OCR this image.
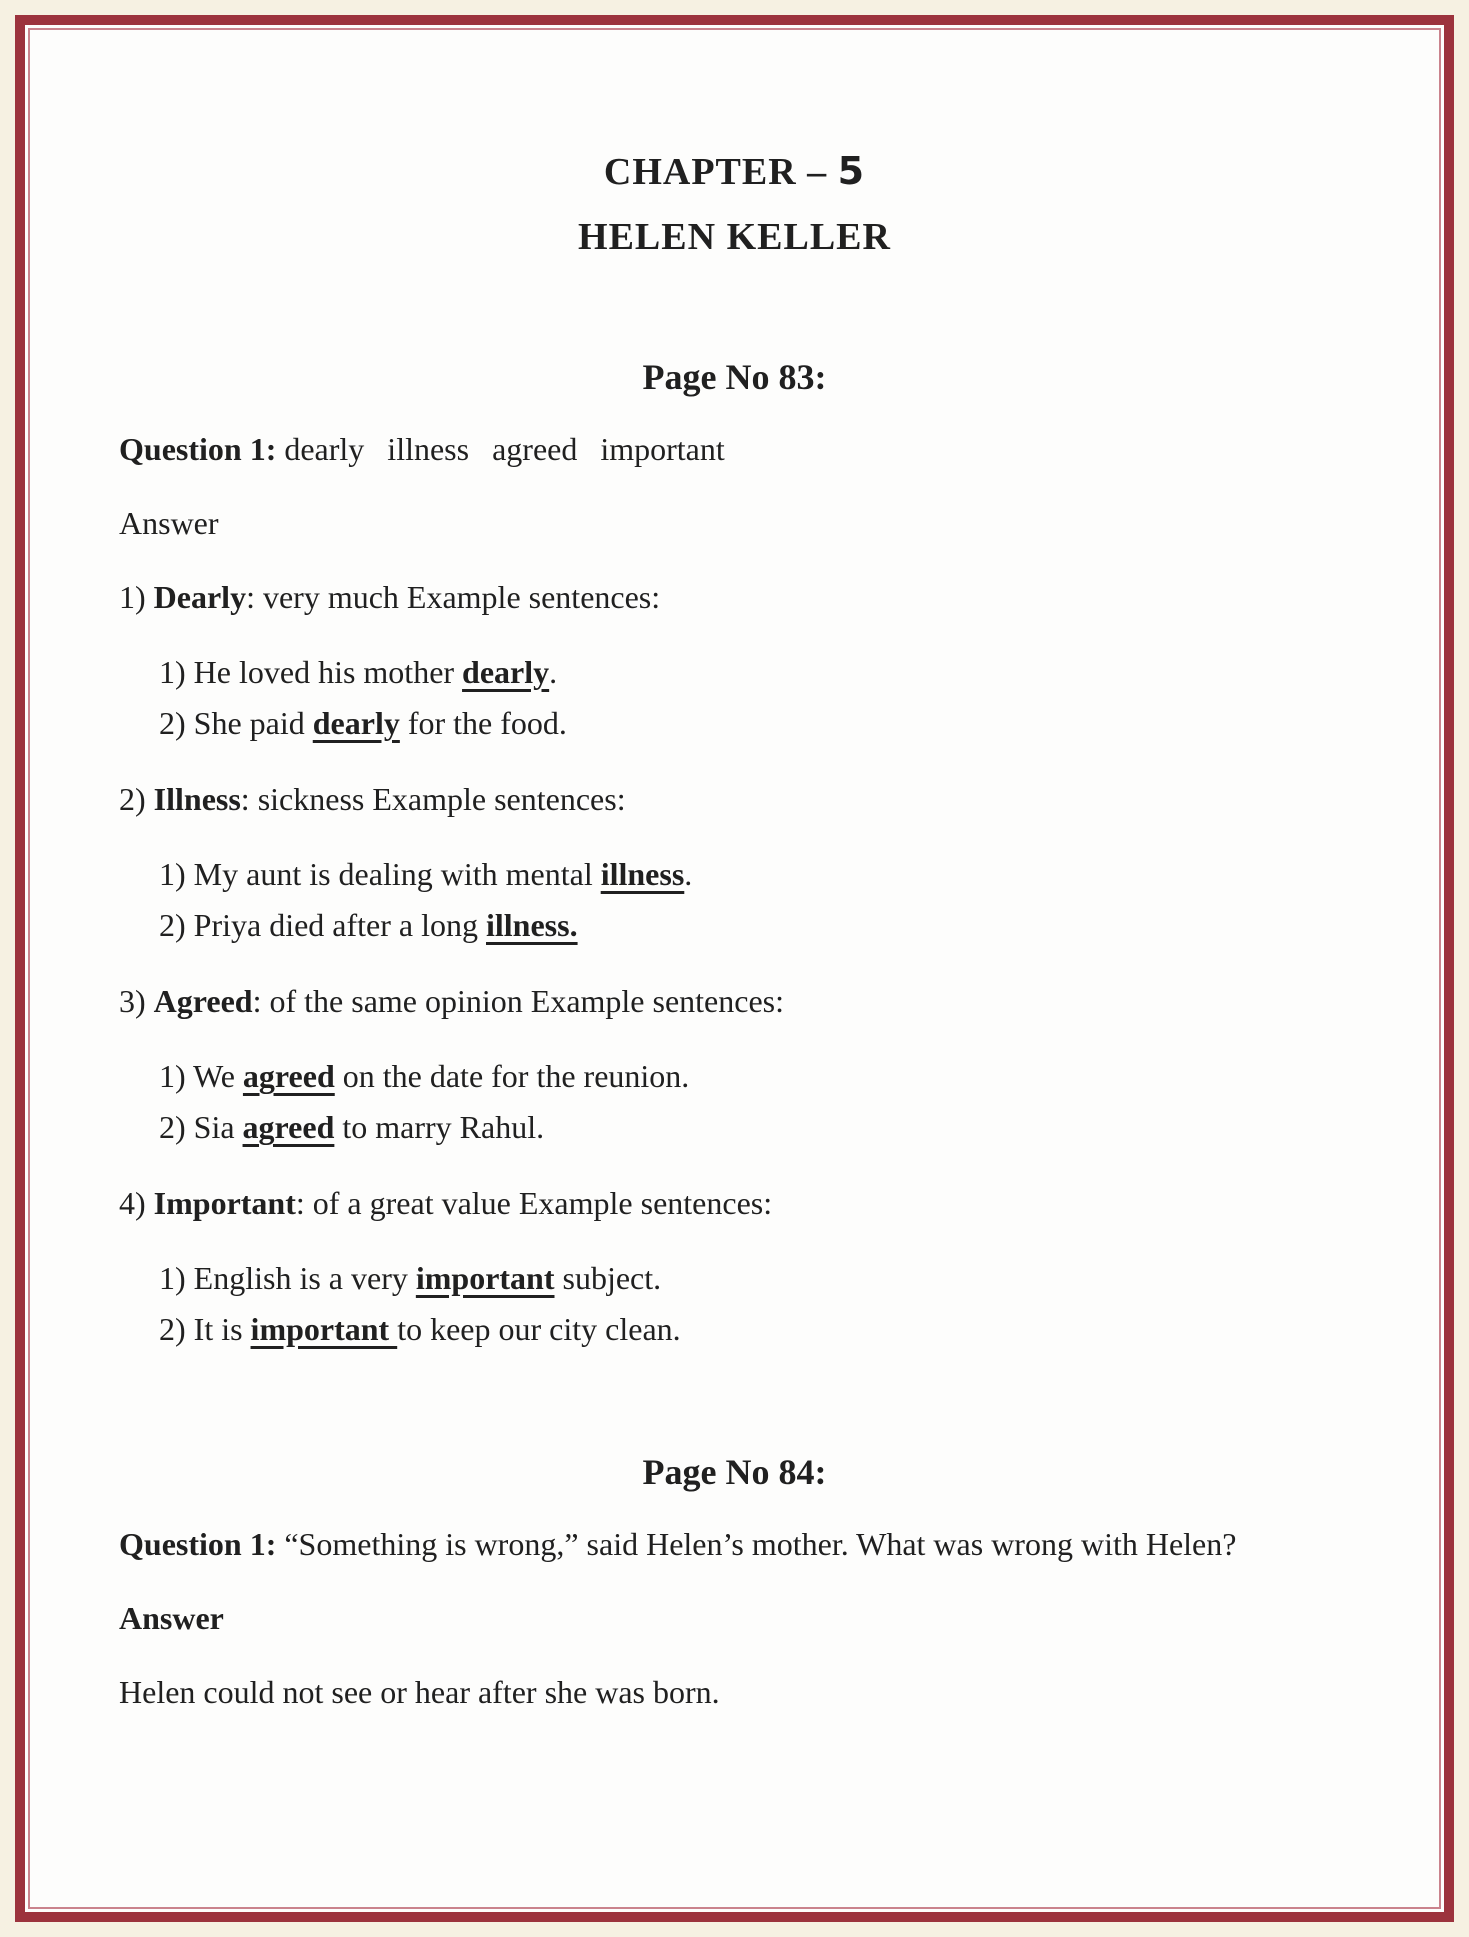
CHAPTER – 5
HELEN KELLER
Page No 83:

Question 1: dearly illness agreed important

Answer

1) Dearly: very much Example sentences:

1) He loved his mother dearly.
2) She paid dearly for the food.

2) Illness: sickness Example sentences:

1) My aunt is dealing with mental illness.
2) Priya died after a long illness.

3) Agreed: of the same opinion Example sentences:

1) We agreed on the date for the reunion.
2) Sia agreed to marry Rahul.

4) Important: of a great value Example sentences:

1) English is a very important subject.
2) It is important to keep our city clean.
Page No 84:

Question 1: “Something is wrong,” said Helen’s mother. What was wrong with Helen?

Answer

Helen could not see or hear after she was born.
